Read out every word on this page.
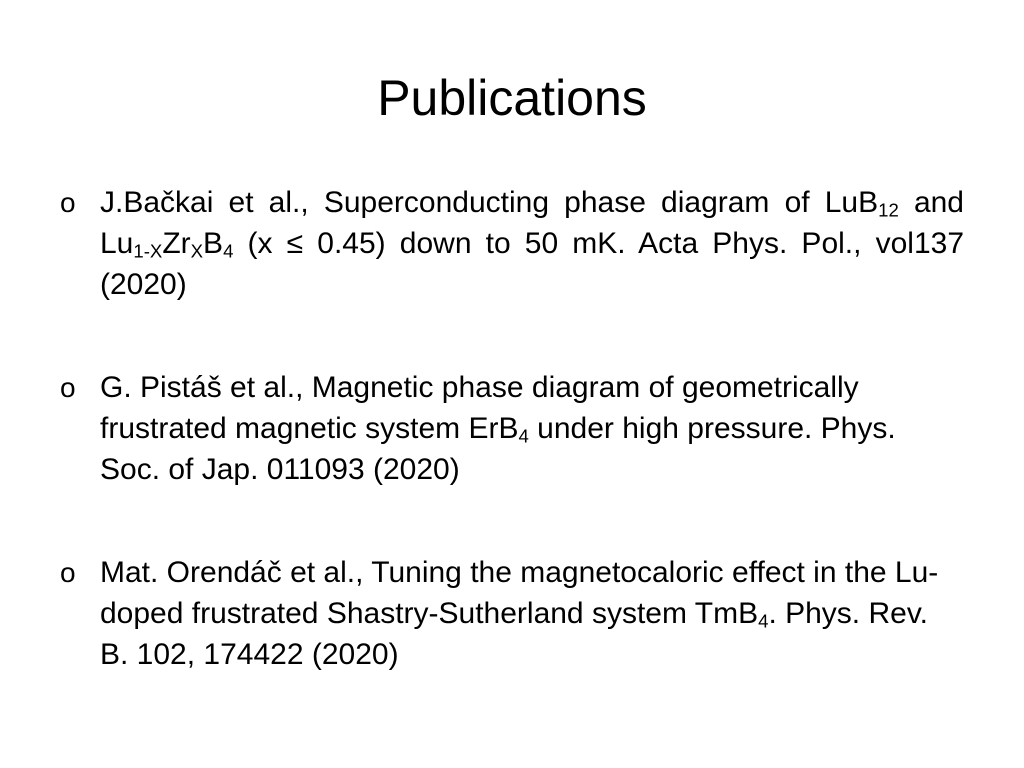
Publications
o J.Bačkai et al., Superconducting phase diagram of LuB$_{12}$ and $Lu_{1-X}Zr_XB_4$ (x ≤ 0.45) down to 50 mK. Acta Phys. Pol., vol137 (2020)
o G. Pistáš et al., Magnetic phase diagram of geometrically frustrated magnetic system ErB$_4$ under high pressure. Phys. Soc. of Jap. 011093 (2020)
o Mat. Orendáč et al., Tuning the magnetocaloric effect in the Lu-doped frustrated Shastry-Sutherland system TmB$_4$. Phys. Rev. B. 102, 174422 (2020)
